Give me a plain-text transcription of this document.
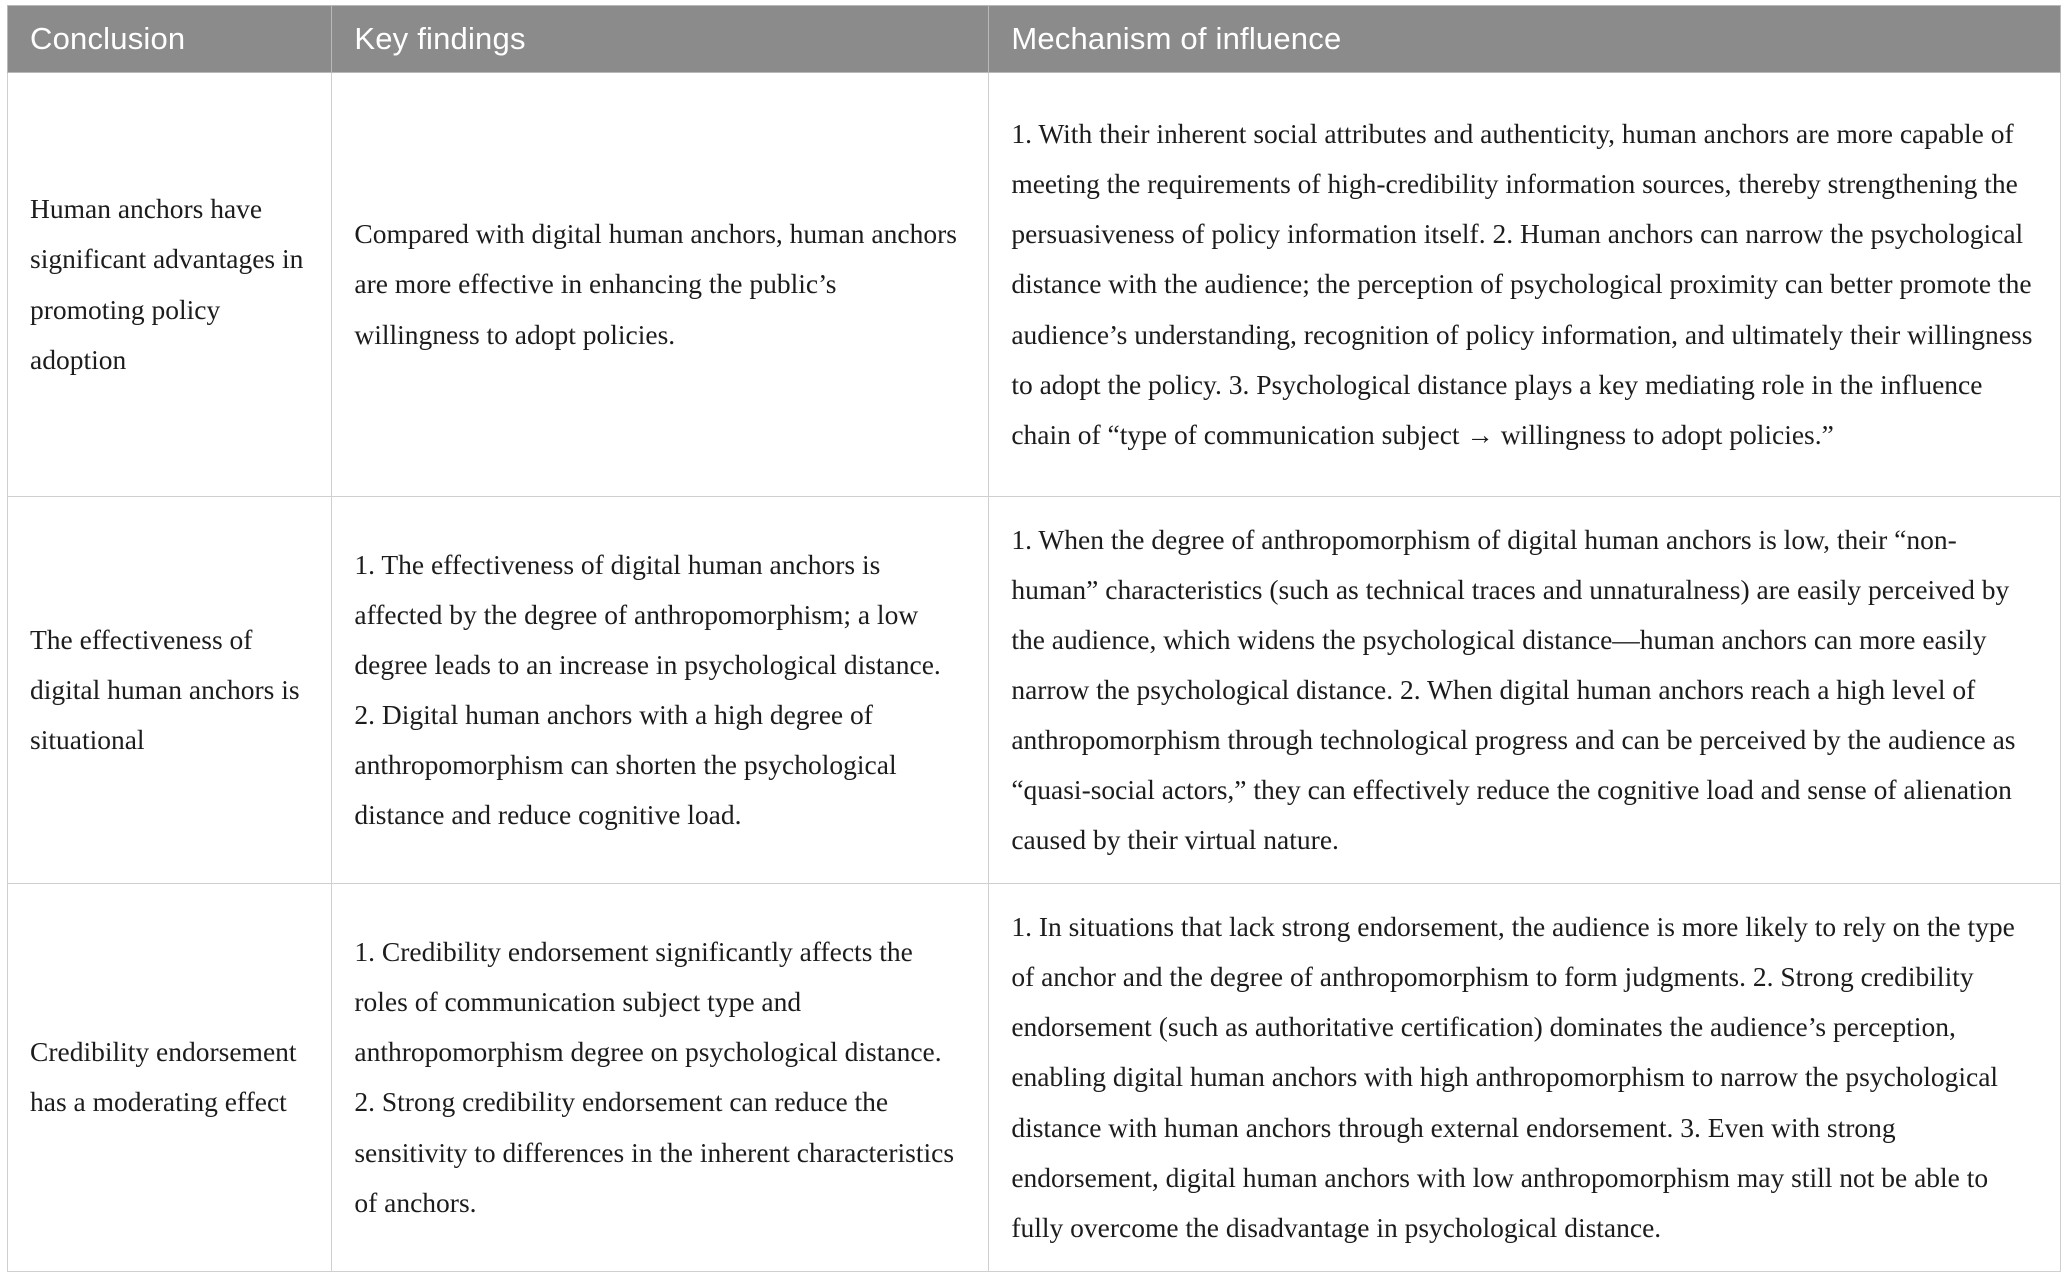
Conclusion	Key findings	Mechanism of influence
Human anchors have significant advantages in promoting policy adoption	Compared with digital human anchors, human anchors are more effective in enhancing the public’s willingness to adopt policies.	1. With their inherent social attributes and authenticity, human anchors are more capable of meeting the requirements of high-credibility information sources, thereby strengthening the persuasiveness of policy information itself. 2. Human anchors can narrow the psychological distance with the audience; the perception of psychological proximity can better promote the audience’s understanding, recognition of policy information, and ultimately their willingness to adopt the policy. 3. Psychological distance plays a key mediating role in the influence chain of “type of communication subject → willingness to adopt policies.”
The effectiveness of digital human anchors is situational	1. The effectiveness of digital human anchors is affected by the degree of anthropomorphism; a low degree leads to an increase in psychological distance. 2. Digital human anchors with a high degree of anthropomorphism can shorten the psychological distance and reduce cognitive load.	1. When the degree of anthropomorphism of digital human anchors is low, their “non-human” characteristics (such as technical traces and unnaturalness) are easily perceived by the audience, which widens the psychological distance—human anchors can more easily narrow the psychological distance. 2. When digital human anchors reach a high level of anthropomorphism through technological progress and can be perceived by the audience as “quasi-social actors,” they can effectively reduce the cognitive load and sense of alienation caused by their virtual nature.
Credibility endorsement has a moderating effect	1. Credibility endorsement significantly affects the roles of communication subject type and anthropomorphism degree on psychological distance. 2. Strong credibility endorsement can reduce the sensitivity to differences in the inherent characteristics of anchors.	1. In situations that lack strong endorsement, the audience is more likely to rely on the type of anchor and the degree of anthropomorphism to form judgments. 2. Strong credibility endorsement (such as authoritative certification) dominates the audience’s perception, enabling digital human anchors with high anthropomorphism to narrow the psychological distance with human anchors through external endorsement. 3. Even with strong endorsement, digital human anchors with low anthropomorphism may still not be able to fully overcome the disadvantage in psychological distance.
